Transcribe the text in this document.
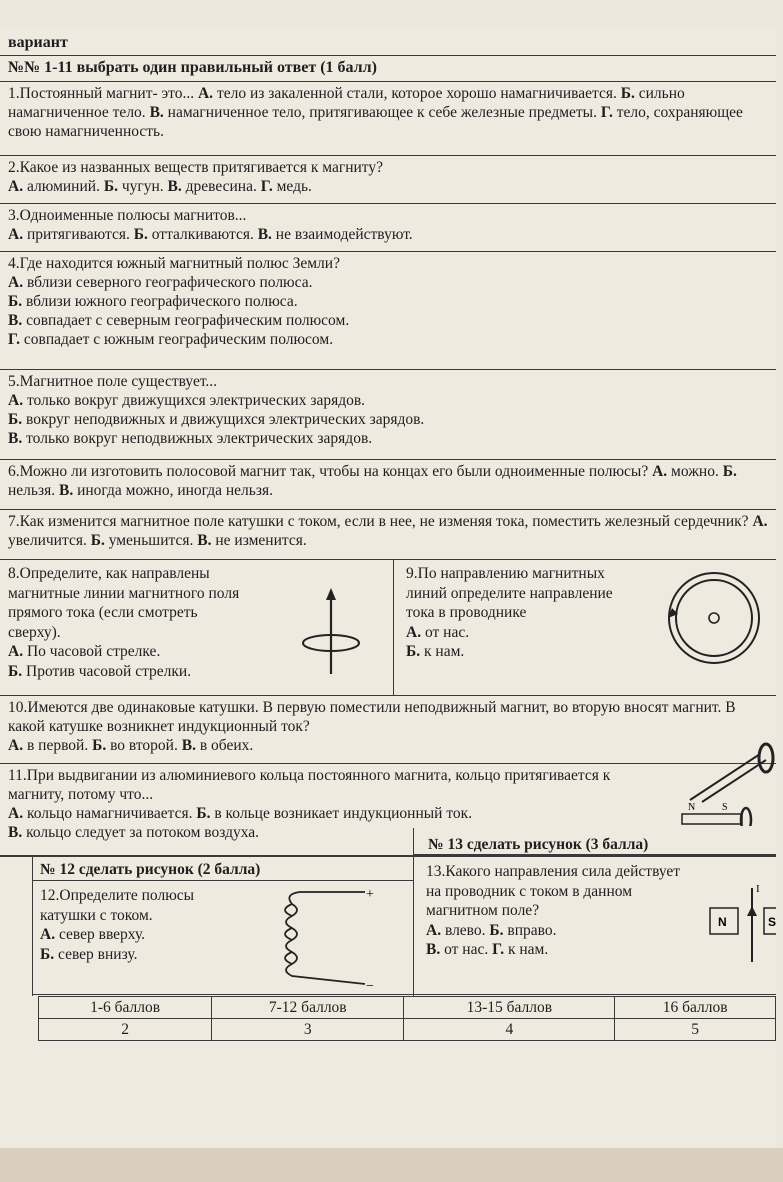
вариант
№№ 1-11 выбрать один правильный ответ (1 балл)

1.Постоянный магнит- это... А. тело из закаленной стали, которое хорошо намагничивается. Б. сильно намагниченное тело. В. намагниченное тело, притягивающее к себе железные предметы. Г. тело, сохраняющее свою намагниченность.

2.Какое из названных веществ притягивается к магниту?

А. алюминий. Б. чугун. В. древесина. Г. медь.

3.Одноименные полюсы магнитов...

А. притягиваются. Б. отталкиваются. В. не взаимодействуют.

4.Где находится южный магнитный полюс Земли?

А. вблизи северного географического полюса.

Б. вблизи южного географического полюса.

В. совпадает с северным географическим полюсом.

Г. совпадает с южным географическим полюсом.

5.Магнитное поле существует...

А. только вокруг движущихся электрических зарядов.

Б. вокруг неподвижных и движущихся электрических зарядов.

В. только вокруг неподвижных электрических зарядов.

6.Можно ли изготовить полосовой магнит так, чтобы на концах его были одноименные полюсы? А. можно. Б. нельзя. В. иногда можно, иногда нельзя.

7.Как изменится магнитное поле катушки с током, если в нее, не изменяя тока, поместить железный сердечник? А. увеличится. Б. уменьшится. В. не изменится.

8.Определите, как направлены магнитные линии магнитного поля прямого тока (если смотреть сверху).

А. По часовой стрелке.

Б. Против часовой стрелки.

9.По направлению магнитных линий определите направление тока в проводнике

А. от нас.

Б. к нам.

10.Имеются две одинаковые катушки. В первую поместили неподвижный магнит, во вторую вносят магнит. В какой катушке возникнет индукционный ток?

А. в первой. Б. во второй. В. в обеих.

11.При выдвигании из алюминиевого кольца постоянного магнита, кольцо притягивается к магниту, потому что...

А. кольцо намагничивается. Б. в кольце возникает индукционный ток.

В. кольцо следует за потоком воздуха.

N	S
№ 13 сделать рисунок (3 балла)
№ 12 сделать рисунок (2 балла)

12.Определите полюсы катушки с током.

А. север вверху.

Б. север внизу.

+
−

13.Какого направления сила действует на проводник с током в данном магнитном поле?

А. влево. Б. вправо.

В. от нас. Г. к нам.

N	S
I
1-6 баллов	7-12 баллов	13-15 баллов	16 баллов
2	3	4	5
